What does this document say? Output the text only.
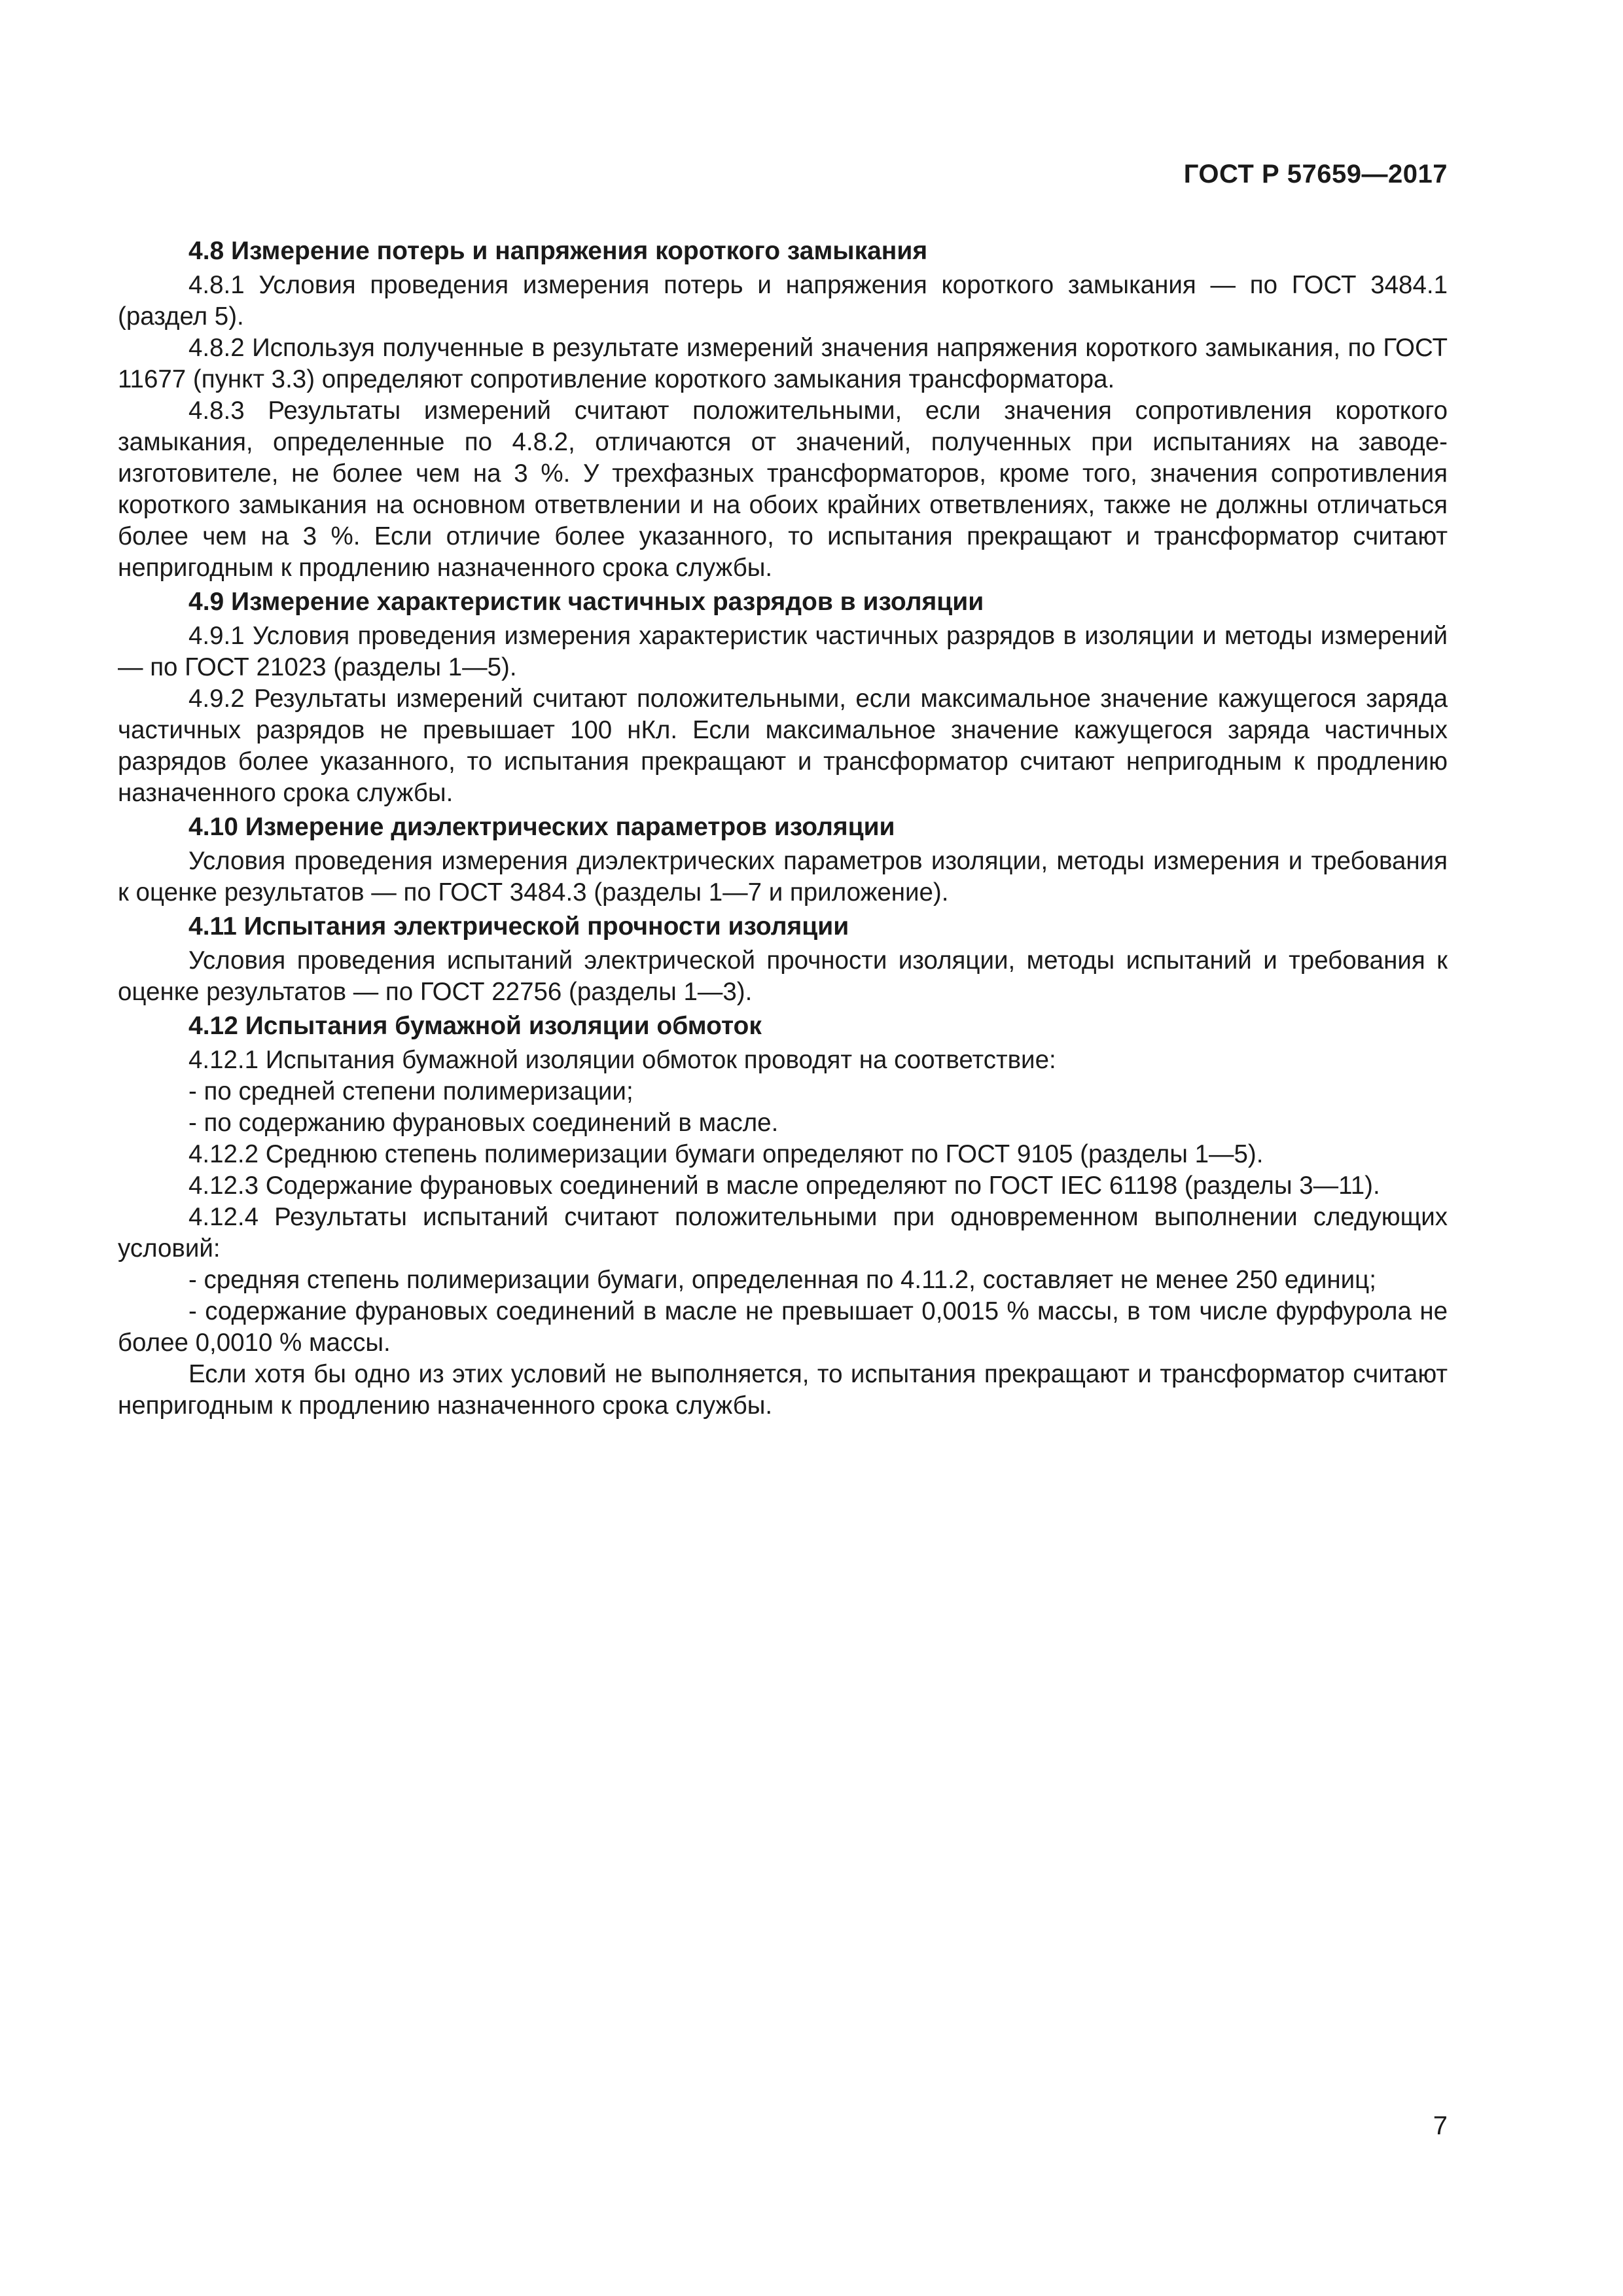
ГОСТ Р 57659—2017

4.8 Измерение потерь и напряжения короткого замыкания

4.8.1 Условия проведения измерения потерь и напряжения короткого замыкания — по ГОСТ 3484.1 (раздел 5).

4.8.2 Используя полученные в результате измерений значения напряжения короткого замыкания, по ГОСТ 11677 (пункт 3.3) определяют сопротивление короткого замыкания трансформатора.

4.8.3 Результаты измерений считают положительными, если значения сопротивления короткого замыкания, определенные по 4.8.2, отличаются от значений, полученных при испытаниях на заводе-изготовителе, не более чем на 3 %. У трехфазных трансформаторов, кроме того, значения сопротивления короткого замыкания на основном ответвлении и на обоих крайних ответвлениях, также не должны отличаться более чем на 3 %. Если отличие более указанного, то испытания прекращают и трансформатор считают непригодным к продлению назначенного срока службы.

4.9 Измерение характеристик частичных разрядов в изоляции

4.9.1 Условия проведения измерения характеристик частичных разрядов в изоляции и методы измерений — по ГОСТ 21023 (разделы 1—5).

4.9.2 Результаты измерений считают положительными, если максимальное значение кажущегося заряда частичных разрядов не превышает 100 нКл. Если максимальное значение кажущегося заряда частичных разрядов более указанного, то испытания прекращают и трансформатор считают непригодным к продлению назначенного срока службы.

4.10 Измерение диэлектрических параметров изоляции

Условия проведения измерения диэлектрических параметров изоляции, методы измерения и требования к оценке результатов — по ГОСТ 3484.3 (разделы 1—7 и приложение).

4.11 Испытания электрической прочности изоляции

Условия проведения испытаний электрической прочности изоляции, методы испытаний и требования к оценке результатов — по ГОСТ 22756 (разделы 1—3).

4.12 Испытания бумажной изоляции обмоток

4.12.1 Испытания бумажной изоляции обмоток проводят на соответствие:

- по средней степени полимеризации;

- по содержанию фурановых соединений в масле.

4.12.2 Среднюю степень полимеризации бумаги определяют по ГОСТ 9105 (разделы 1—5).

4.12.3 Содержание фурановых соединений в масле определяют по ГОСТ IEC 61198 (разделы 3—11).

4.12.4 Результаты испытаний считают положительными при одновременном выполнении следующих условий:

- средняя степень полимеризации бумаги, определенная по 4.11.2, составляет не менее 250 единиц;

- содержание фурановых соединений в масле не превышает 0,0015 % массы, в том числе фурфурола не более 0,0010 % массы.

Если хотя бы одно из этих условий не выполняется, то испытания прекращают и трансформатор считают непригодным к продлению назначенного срока службы.

7
